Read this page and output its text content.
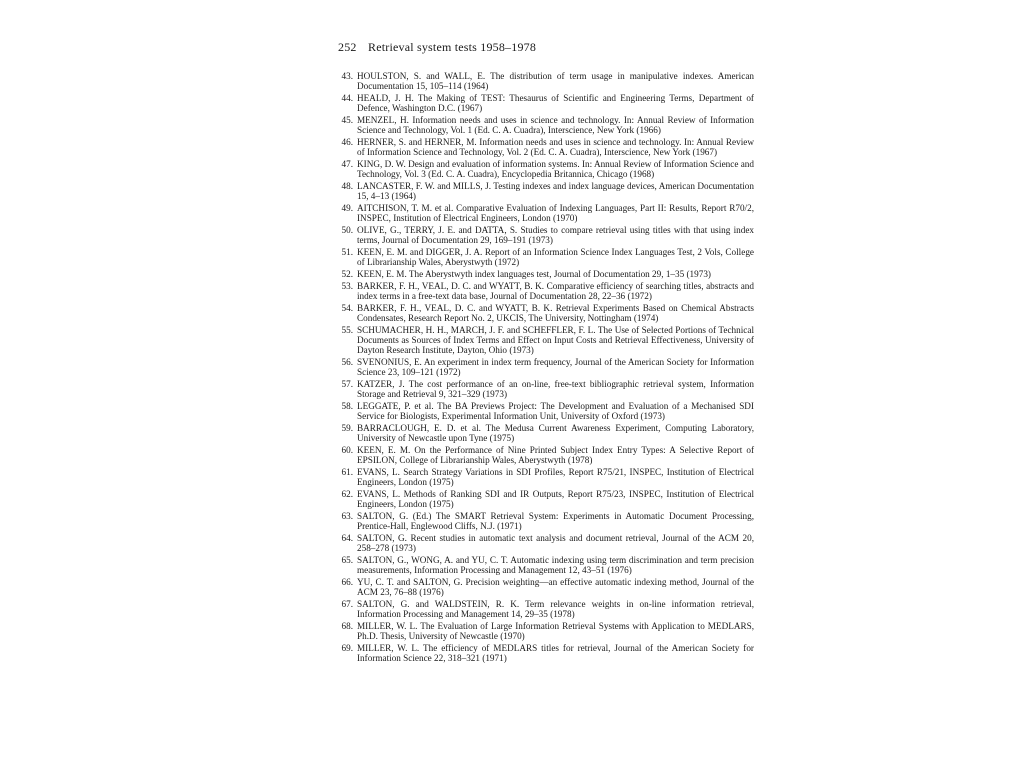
252 Retrieval system tests 1958–1978
43. HOULSTON, S. and WALL, E. The distribution of term usage in manipulative indexes. American Documentation 15, 105–114 (1964)
44. HEALD, J. H. The Making of TEST: Thesaurus of Scientific and Engineering Terms, Department of Defence, Washington D.C. (1967)
45. MENZEL, H. Information needs and uses in science and technology. In: Annual Review of Information Science and Technology, Vol. 1 (Ed. C. A. Cuadra), Interscience, New York (1966)
46. HERNER, S. and HERNER, M. Information needs and uses in science and technology. In: Annual Review of Information Science and Technology, Vol. 2 (Ed. C. A. Cuadra), Interscience, New York (1967)
47. KING, D. W. Design and evaluation of information systems. In: Annual Review of Information Science and Technology, Vol. 3 (Ed. C. A. Cuadra), Encyclopedia Britannica, Chicago (1968)
48. LANCASTER, F. W. and MILLS, J. Testing indexes and index language devices, American Documentation 15, 4–13 (1964)
49. AITCHISON, T. M. et al. Comparative Evaluation of Indexing Languages, Part II: Results, Report R70/2, INSPEC, Institution of Electrical Engineers, London (1970)
50. OLIVE, G., TERRY, J. E. and DATTA, S. Studies to compare retrieval using titles with that using index terms, Journal of Documentation 29, 169–191 (1973)
51. KEEN, E. M. and DIGGER, J. A. Report of an Information Science Index Languages Test, 2 Vols, College of Librarianship Wales, Aberystwyth (1972)
52. KEEN, E. M. The Aberystwyth index languages test, Journal of Documentation 29, 1–35 (1973)
53. BARKER, F. H., VEAL, D. C. and WYATT, B. K. Comparative efficiency of searching titles, abstracts and index terms in a free-text data base, Journal of Documentation 28, 22–36 (1972)
54. BARKER, F. H., VEAL, D. C. and WYATT, B. K. Retrieval Experiments Based on Chemical Abstracts Condensates, Research Report No. 2, UKCIS, The University, Nottingham (1974)
55. SCHUMACHER, H. H., MARCH, J. F. and SCHEFFLER, F. L. The Use of Selected Portions of Technical Documents as Sources of Index Terms and Effect on Input Costs and Retrieval Effectiveness, University of Dayton Research Institute, Dayton, Ohio (1973)
56. SVENONIUS, E. An experiment in index term frequency, Journal of the American Society for Information Science 23, 109–121 (1972)
57. KATZER, J. The cost performance of an on-line, free-text bibliographic retrieval system, Information Storage and Retrieval 9, 321–329 (1973)
58. LEGGATE, P. et al. The BA Previews Project: The Development and Evaluation of a Mechanised SDI Service for Biologists, Experimental Information Unit, University of Oxford (1973)
59. BARRACLOUGH, E. D. et al. The Medusa Current Awareness Experiment, Computing Laboratory, University of Newcastle upon Tyne (1975)
60. KEEN, E. M. On the Performance of Nine Printed Subject Index Entry Types: A Selective Report of EPSILON, College of Librarianship Wales, Aberystwyth (1978)
61. EVANS, L. Search Strategy Variations in SDI Profiles, Report R75/21, INSPEC, Institution of Electrical Engineers, London (1975)
62. EVANS, L. Methods of Ranking SDI and IR Outputs, Report R75/23, INSPEC, Institution of Electrical Engineers, London (1975)
63. SALTON, G. (Ed.) The SMART Retrieval System: Experiments in Automatic Document Processing, Prentice-Hall, Englewood Cliffs, N.J. (1971)
64. SALTON, G. Recent studies in automatic text analysis and document retrieval, Journal of the ACM 20, 258–278 (1973)
65. SALTON, G., WONG, A. and YU, C. T. Automatic indexing using term discrimination and term precision measurements, Information Processing and Management 12, 43–51 (1976)
66. YU, C. T. and SALTON, G. Precision weighting—an effective automatic indexing method, Journal of the ACM 23, 76–88 (1976)
67. SALTON, G. and WALDSTEIN, R. K. Term relevance weights in on-line information retrieval, Information Processing and Management 14, 29–35 (1978)
68. MILLER, W. L. The Evaluation of Large Information Retrieval Systems with Application to MEDLARS, Ph.D. Thesis, University of Newcastle (1970)
69. MILLER, W. L. The efficiency of MEDLARS titles for retrieval, Journal of the American Society for Information Science 22, 318–321 (1971)
